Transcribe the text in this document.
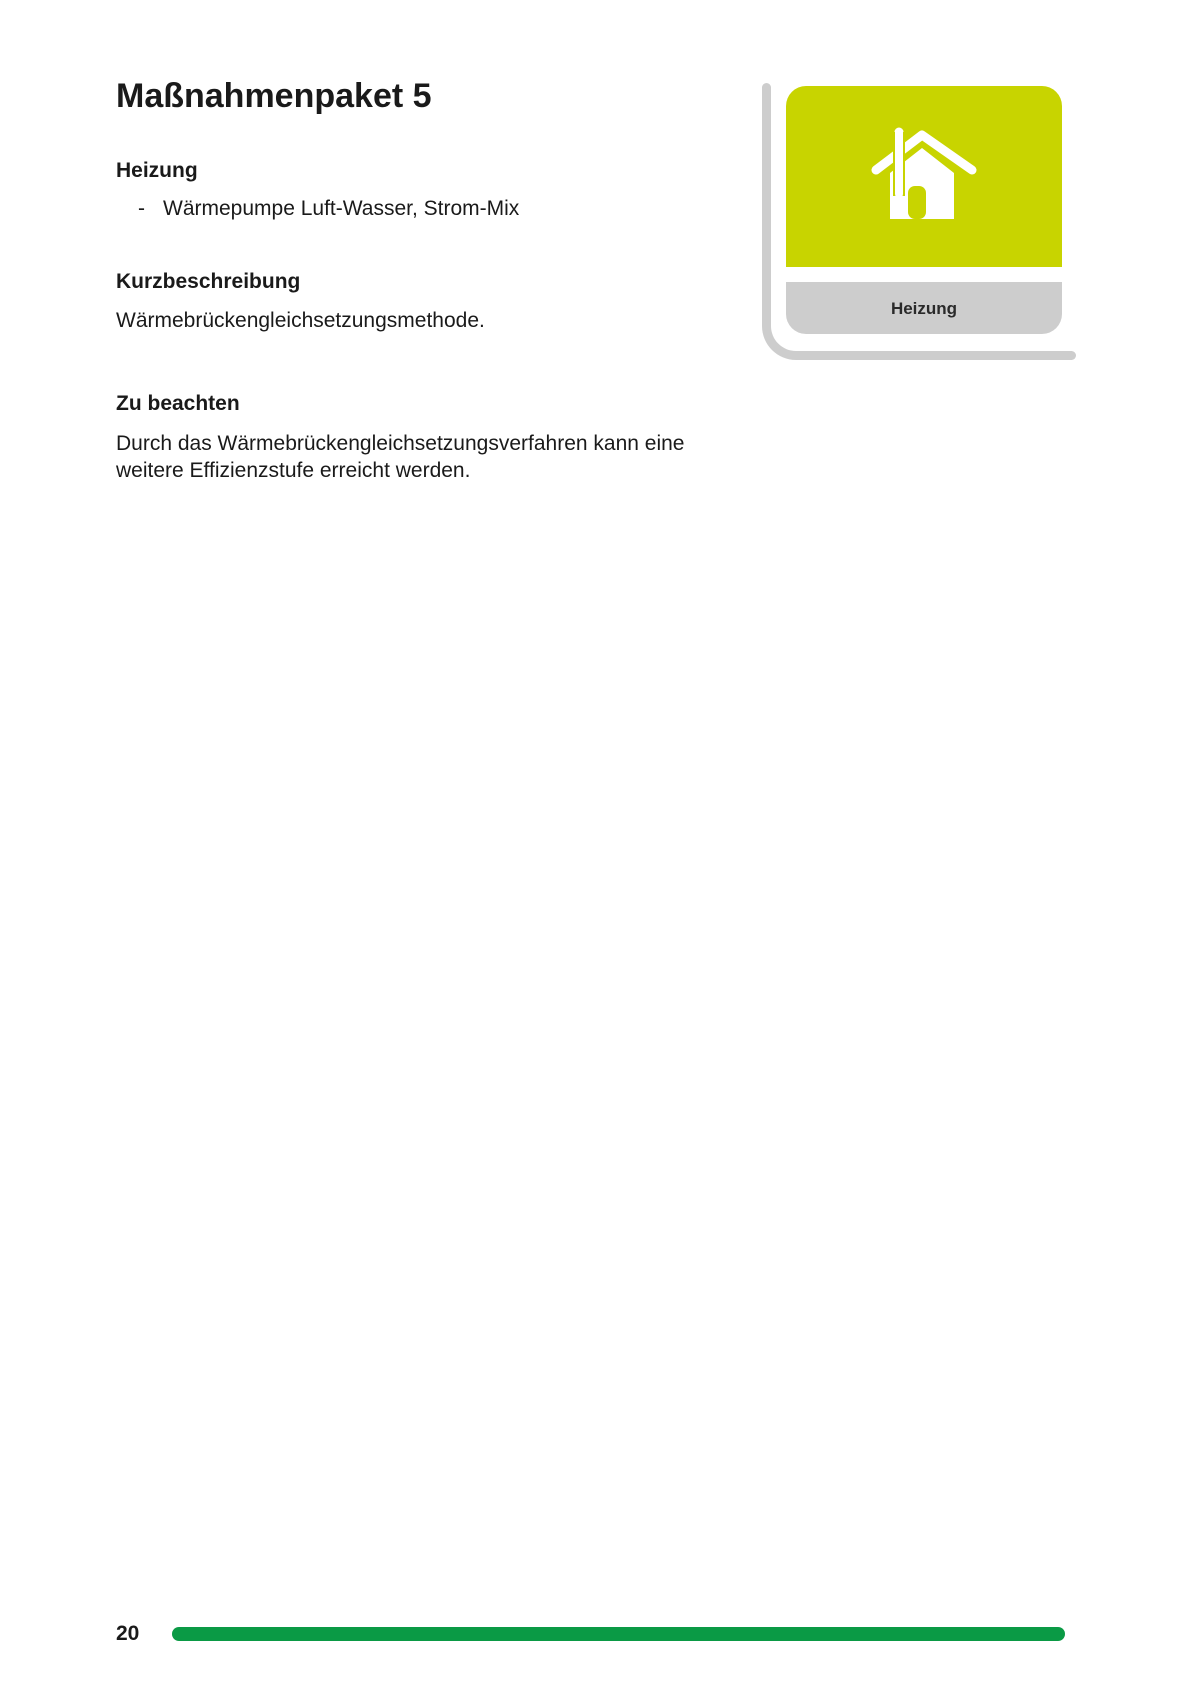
Maßnahmenpaket 5
Heizung
- Wärmepumpe Luft-Wasser, Strom-Mix
Kurzbeschreibung

Wärmebrückengleichsetzungsmethode.

Zu beachten

Durch das Wärmebrückengleichsetzungsverfahren kann eine
weitere Effizienzstufe erreicht werden.

Heizung
20
